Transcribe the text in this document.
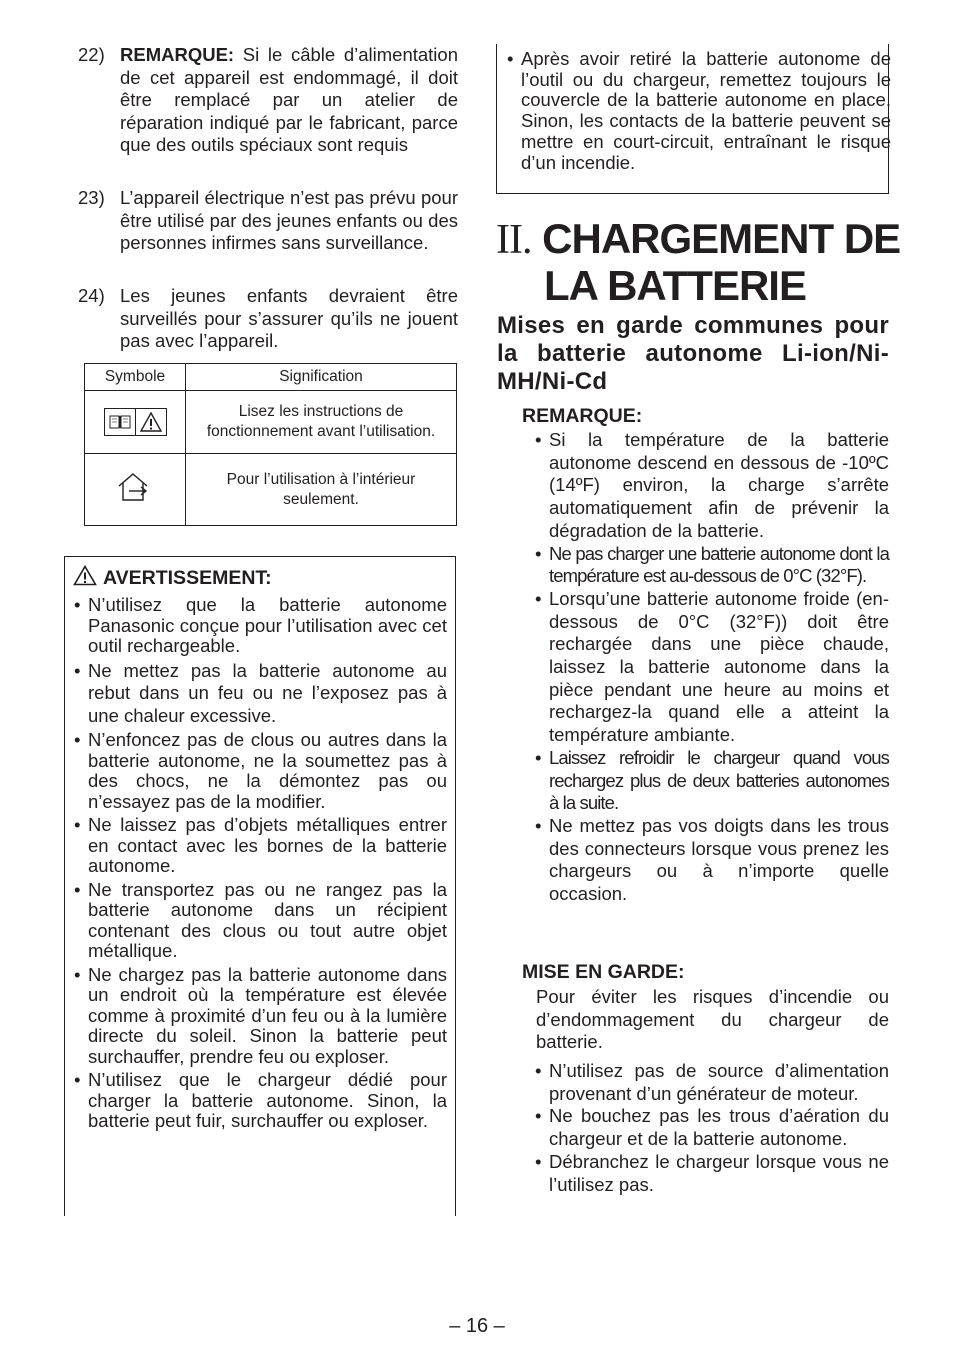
22) REMARQUE: Si le câble d’alimentation de cet appareil est endommagé, il doit être remplacé par un atelier de réparation indiqué par le fabricant, parce que des outils spéciaux sont requis

23) L’appareil électrique n’est pas prévu pour être utilisé par des jeunes enfants ou des personnes infirmes sans surveillance.

24) Les jeunes enfants devraient être surveillés pour s’assurer qu’ils ne jouent pas avec l’appareil.

Symbole	Signification

	Lisez les instructions de fonctionnement avant l’utilisation.
	Pour l’utilisation à l’intérieur seulement.
AVERTISSEMENT:

• N’utilisez que la batterie autonome Panasonic conçue pour l’utilisation avec cet outil rechargeable.

• Ne mettez pas la batterie autonome au rebut dans un feu ou ne l’exposez pas à une chaleur excessive.

• N’enfoncez pas de clous ou autres dans la batterie autonome, ne la soumettez pas à des chocs, ne la démontez pas ou n’essayez pas de la modifier.

• Ne laissez pas d’objets métalliques entrer en contact avec les bornes de la batterie autonome.

• Ne transportez pas ou ne rangez pas la batterie autonome dans un récipient contenant des clous ou tout autre objet métallique.

• Ne chargez pas la batterie autonome dans un endroit où la température est élevée comme à proximité d’un feu ou à la lumière directe du soleil. Sinon la batterie peut surchauffer, prendre feu ou exploser.

• N’utilisez que le chargeur dédié pour charger la batterie autonome. Sinon, la batterie peut fuir, surchauffer ou exploser.

• Après avoir retiré la batterie autonome de l’outil ou du chargeur, remettez toujours le couvercle de la batterie autonome en place. Sinon, les contacts de la batterie peuvent se mettre en court-circuit, entraînant le risque d’un incendie.

II. CHARGEMENT DE
LA BATTERIE
Mises en garde communes pour la batterie autonome Li-ion/Ni-MH/Ni-Cd
REMARQUE:

• Si la température de la batterie autonome descend en dessous de -10ºC (14ºF) environ, la charge s’arrête automatiquement afin de prévenir la dégradation de la batterie.

• Ne pas charger une batterie autonome dont la température est au-dessous de 0°C (32°F).

• Lorsqu’une batterie autonome froide (en-dessous de 0°C (32°F)) doit être rechargée dans une pièce chaude, laissez la batterie autonome dans la pièce pendant une heure au moins et rechargez-la quand elle a atteint la température ambiante.

• Laissez refroidir le chargeur quand vous rechargez plus de deux batteries autonomes à la suite.

• Ne mettez pas vos doigts dans les trous des connecteurs lorsque vous prenez les chargeurs ou à n’importe quelle occasion.

MISE EN GARDE:

Pour éviter les risques d’incendie ou d’endommagement du chargeur de batterie.

• N’utilisez pas de source d’alimentation provenant d’un générateur de moteur.

• Ne bouchez pas les trous d’aération du chargeur et de la batterie autonome.

• Débranchez le chargeur lorsque vous ne l’utilisez pas.

– 16 –
